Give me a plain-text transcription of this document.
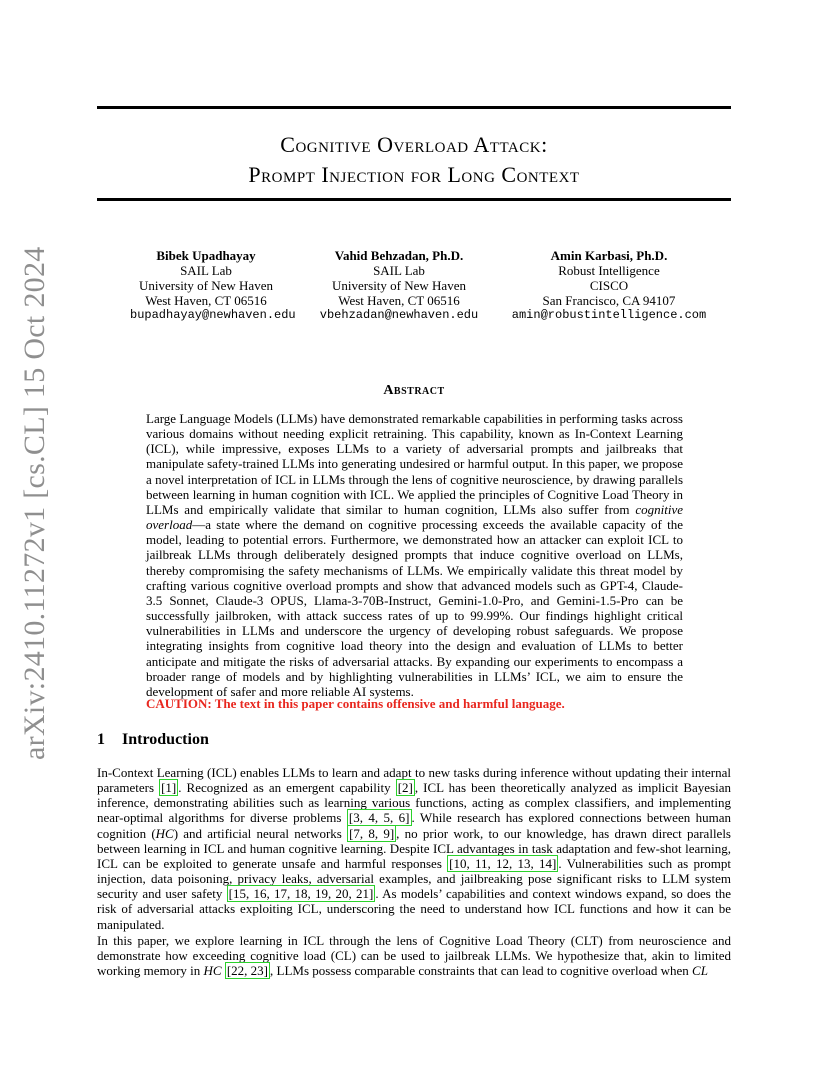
Cognitive Overload Attack:
Prompt Injection for Long Context
arXiv:2410.11272v1 [cs.CL] 15 Oct 2024	Bibek Upadhayay
SAIL Lab
University of New Haven
West Haven, CT 06516
bupadhayay@newhaven.edu
Vahid Behzadan, Ph.D.
SAIL Lab
University of New Haven
West Haven, CT 06516
vbehzadan@newhaven.edu
Amin Karbasi, Ph.D.
Robust Intelligence
CISCO
San Francisco, CA 94107
amin@robustintelligence.com
Abstract
Large Language Models (LLMs) have demonstrated remarkable capabilities in performing tasks across various domains without needing explicit retraining. This capability, known as In-Context Learning (ICL), while impressive, exposes LLMs to a variety of adversarial prompts and jailbreaks that manipulate safety-trained LLMs into generating undesired or harmful output. In this paper, we propose a novel interpretation of ICL in LLMs through the lens of cognitive neuroscience, by drawing parallels between learning in human cognition with ICL. We applied the principles of Cognitive Load Theory in LLMs and empirically validate that similar to human cognition, LLMs also suffer from cognitive overload—a state where the demand on cognitive processing exceeds the available capacity of the model, leading to potential errors. Furthermore, we demonstrated how an attacker can exploit ICL to jailbreak LLMs through deliberately designed prompts that induce cognitive overload on LLMs, thereby compromising the safety mechanisms of LLMs. We empirically validate this threat model by crafting various cognitive overload prompts and show that advanced models such as GPT-4, Claude-3.5 Sonnet, Claude-3 OPUS, Llama-3-70B-Instruct, Gemini-1.0-Pro, and Gemini-1.5-Pro can be successfully jailbroken, with attack success rates of up to 99.99%. Our findings highlight critical vulnerabilities in LLMs and underscore the urgency of developing robust safeguards. We propose integrating insights from cognitive load theory into the design and evaluation of LLMs to better anticipate and mitigate the risks of adversarial attacks. By expanding our experiments to encompass a broader range of models and by highlighting vulnerabilities in LLMs’ ICL, we aim to ensure the development of safer and more reliable AI systems.
CAUTION: The text in this paper contains offensive and harmful language.
1 Introduction
In-Context Learning (ICL) enables LLMs to learn and adapt to new tasks during inference without updating their internal parameters [1] . Recognized as an emergent capability [2] , ICL has been theoretically analyzed as implicit Bayesian inference, demonstrating abilities such as learning various functions, acting as complex classifiers, and implementing near-optimal algorithms for diverse problems [3, 4, 5, 6] . While research has explored connections between human cognition (HC) and artificial neural networks [7, 8, 9] , no prior work, to our knowledge, has drawn direct parallels between learning in ICL and human cognitive learning. Despite ICL advantages in task adaptation and few-shot learning, ICL can be exploited to generate unsafe and harmful responses [10, 11, 12, 13, 14] . Vulnerabilities such as prompt injection, data poisoning, privacy leaks, adversarial examples, and jailbreaking pose significant risks to LLM system security and user safety [15, 16, 17, 18, 19, 20, 21] . As models’ capabilities and context windows expand, so does the risk of adversarial attacks exploiting ICL, underscoring the need to understand how ICL functions and how it can be manipulated.
In this paper, we explore learning in ICL through the lens of Cognitive Load Theory (CLT) from neuroscience and demonstrate how exceeding cognitive load (CL) can be used to jailbreak LLMs. We hypothesize that, akin to limited working memory in HC [22, 23] , LLMs possess comparable constraints that can lead to cognitive overload when CL
